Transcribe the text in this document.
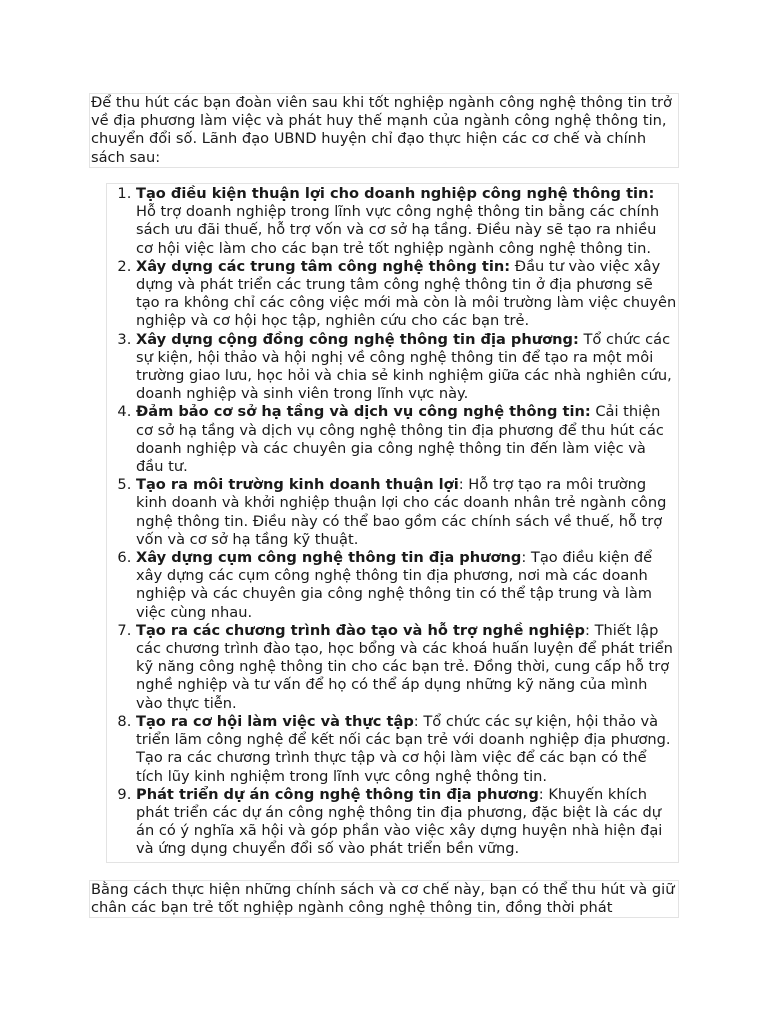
Để thu hút các bạn đoàn viên sau khi tốt nghiệp ngành công nghệ thông tin trở về địa phương làm việc và phát huy thế mạnh của ngành công nghệ thông tin, chuyển đổi số. Lãnh đạo UBND huyện chỉ đạo thực hiện các cơ chế và chính sách sau:

1. Tạo điều kiện thuận lợi cho doanh nghiệp công nghệ thông tin: Hỗ trợ doanh nghiệp trong lĩnh vực công nghệ thông tin bằng các chính sách ưu đãi thuế, hỗ trợ vốn và cơ sở hạ tầng. Điều này sẽ tạo ra nhiều cơ hội việc làm cho các bạn trẻ tốt nghiệp ngành công nghệ thông tin.
2. Xây dựng các trung tâm công nghệ thông tin: Đầu tư vào việc xây dựng và phát triển các trung tâm công nghệ thông tin ở địa phương sẽ tạo ra không chỉ các công việc mới mà còn là môi trường làm việc chuyên nghiệp và cơ hội học tập, nghiên cứu cho các bạn trẻ.
3. Xây dựng cộng đồng công nghệ thông tin địa phương: Tổ chức các sự kiện, hội thảo và hội nghị về công nghệ thông tin để tạo ra một môi trường giao lưu, học hỏi và chia sẻ kinh nghiệm giữa các nhà nghiên cứu, doanh nghiệp và sinh viên trong lĩnh vực này.
4. Đảm bảo cơ sở hạ tầng và dịch vụ công nghệ thông tin: Cải thiện cơ sở hạ tầng và dịch vụ công nghệ thông tin địa phương để thu hút các doanh nghiệp và các chuyên gia công nghệ thông tin đến làm việc và đầu tư.
5. Tạo ra môi trường kinh doanh thuận lợi: Hỗ trợ tạo ra môi trường kinh doanh và khởi nghiệp thuận lợi cho các doanh nhân trẻ ngành công nghệ thông tin. Điều này có thể bao gồm các chính sách về thuế, hỗ trợ vốn và cơ sở hạ tầng kỹ thuật.
6. Xây dựng cụm công nghệ thông tin địa phương: Tạo điều kiện để xây dựng các cụm công nghệ thông tin địa phương, nơi mà các doanh nghiệp và các chuyên gia công nghệ thông tin có thể tập trung và làm việc cùng nhau.
7. Tạo ra các chương trình đào tạo và hỗ trợ nghề nghiệp: Thiết lập các chương trình đào tạo, học bổng và các khoá huấn luyện để phát triển kỹ năng công nghệ thông tin cho các bạn trẻ. Đồng thời, cung cấp hỗ trợ nghề nghiệp và tư vấn để họ có thể áp dụng những kỹ năng của mình vào thực tiễn.
8. Tạo ra cơ hội làm việc và thực tập: Tổ chức các sự kiện, hội thảo và triển lãm công nghệ để kết nối các bạn trẻ với doanh nghiệp địa phương. Tạo ra các chương trình thực tập và cơ hội làm việc để các bạn có thể tích lũy kinh nghiệm trong lĩnh vực công nghệ thông tin.
9. Phát triển dự án công nghệ thông tin địa phương: Khuyến khích phát triển các dự án công nghệ thông tin địa phương, đặc biệt là các dự án có ý nghĩa xã hội và góp phần vào việc xây dựng huyện nhà hiện đại và ứng dụng chuyển đổi số vào phát triển bền vững.

Bằng cách thực hiện những chính sách và cơ chế này, bạn có thể thu hút và giữ chân các bạn trẻ tốt nghiệp ngành công nghệ thông tin, đồng thời phát
